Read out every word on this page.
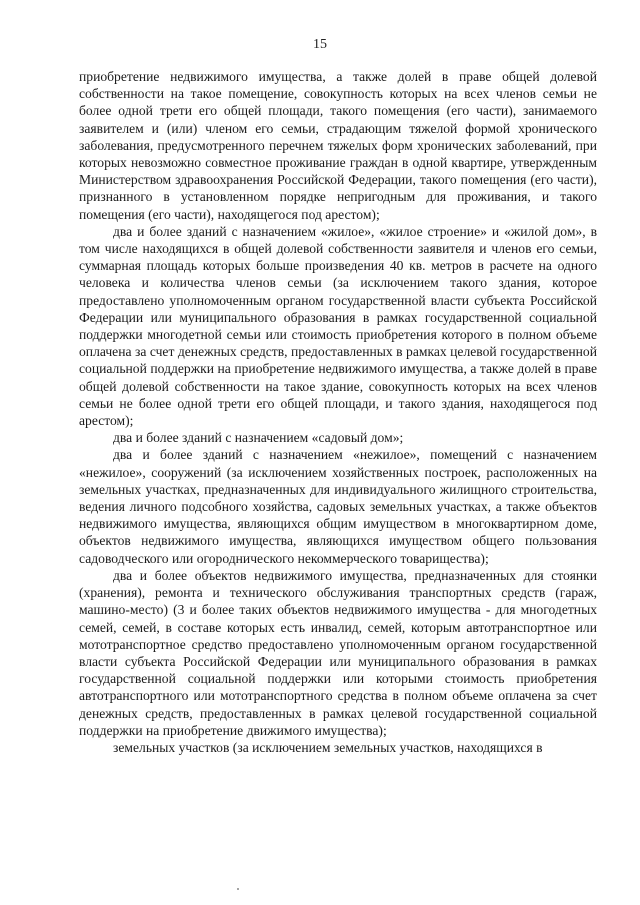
15

приобретение недвижимого имущества, а также долей в праве общей долевой собственности на такое помещение, совокупность которых на всех членов семьи не более одной трети его общей площади, такого помещения (его части), занимаемого заявителем и (или) членом его семьи, страдающим тяжелой формой хронического заболевания, предусмотренного перечнем тяжелых форм хронических заболеваний, при которых невозможно совместное проживание граждан в одной квартире, утвержденным Министерством здравоохранения Российской Федерации, такого помещения (его части), признанного в установленном порядке непригодным для проживания, и такого помещения (его части), находящегося под арестом);

два и более зданий с назначением «жилое», «жилое строение» и «жилой дом», в том числе находящихся в общей долевой собственности заявителя и членов его семьи, суммарная площадь которых больше произведения 40 кв. метров в расчете на одного человека и количества членов семьи (за исключением такого здания, которое предоставлено уполномоченным органом государственной власти субъекта Российской Федерации или муниципального образования в рамках государственной социальной поддержки многодетной семьи или стоимость приобретения которого в полном объеме оплачена за счет денежных средств, предоставленных в рамках целевой государственной социальной поддержки на приобретение недвижимого имущества, а также долей в праве общей долевой собственности на такое здание, совокупность которых на всех членов семьи не более одной трети его общей площади, и такого здания, находящегося под арестом);

два и более зданий с назначением «садовый дом»;

два и более зданий с назначением «нежилое», помещений с назначением «нежилое», сооружений (за исключением хозяйственных построек, расположенных на земельных участках, предназначенных для индивидуального жилищного строительства, ведения личного подсобного хозяйства, садовых земельных участках, а также объектов недвижимого имущества, являющихся общим имуществом в многоквартирном доме, объектов недвижимого имущества, являющихся имуществом общего пользования садоводческого или огороднического некоммерческого товарищества);

два и более объектов недвижимого имущества, предназначенных для стоянки (хранения), ремонта и технического обслуживания транспортных средств (гараж, машино-место) (3 и более таких объектов недвижимого имущества - для многодетных семей, семей, в составе которых есть инвалид, семей, которым автотранспортное или мототранспортное средство предоставлено уполномоченным органом государственной власти субъекта Российской Федерации или муниципального образования в рамках государственной социальной поддержки или которыми стоимость приобретения автотранспортного или мототранспортного средства в полном объеме оплачена за счет денежных средств, предоставленных в рамках целевой государственной социальной поддержки на приобретение движимого имущества);

земельных участков (за исключением земельных участков, находящихся в
